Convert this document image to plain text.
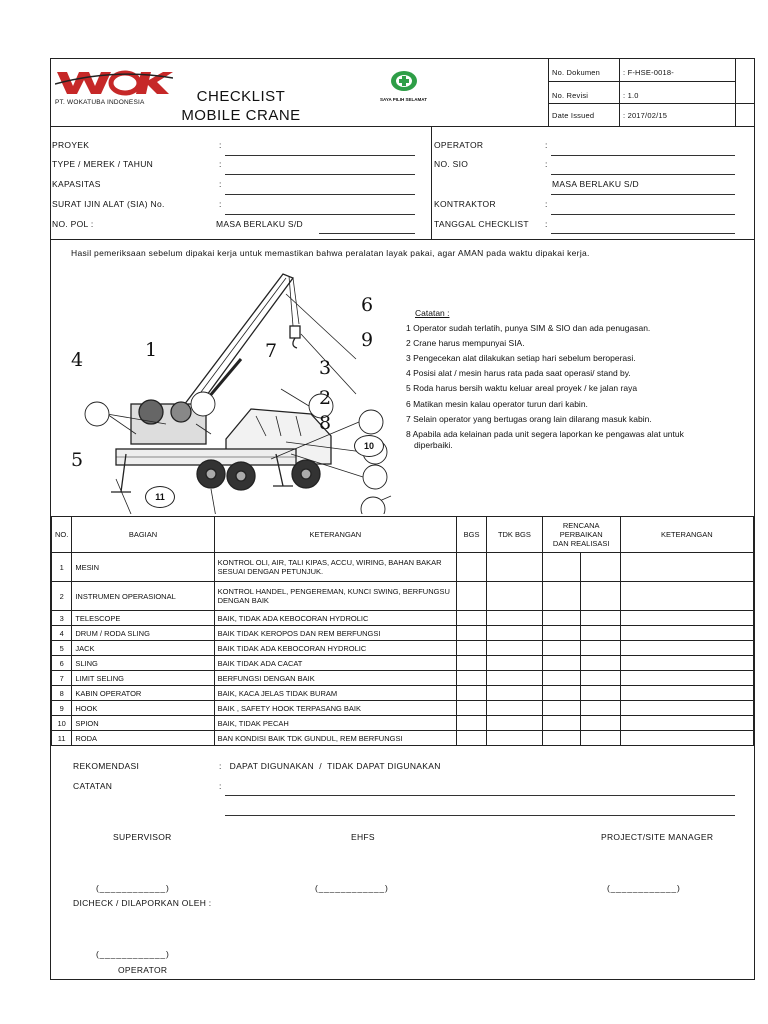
PT. WOKATUBA INDONESIA	CHECKLIST
MOBILE CRANE
SAYA PILIH SELAMAT
No. Dokumen	: F-HSE-0018-
No. Revisi	: 1.0
Date Issued	: 2017/02/15
PROYEK	:
TYPE / MEREK / TAHUN	:
KAPASITAS	:
SURAT IJIN ALAT (SIA) No.	:
NO. POL :	MASA BERLAKU S/D
OPERATOR	:
NO. SIO	:
MASA BERLAKU S/D
KONTRAKTOR	:
TANGGAL CHECKLIST :
Hasil pemeriksaan sebelum dipakai kerja untuk memastikan bahwa peralatan layak pakai, agar AMAN pada waktu dipakai kerja.
4	1	7
6
9
3
2
8
5
10
11
Catatan :
1 Operator sudah terlatih, punya SIM & SIO dan ada penugasan.
2 Crane harus mempunyai SIA.
3 Pengecekan alat dilakukan setiap hari sebelum beroperasi.
4 Posisi alat / mesin harus rata pada saat operasi/ stand by.
5 Roda harus bersih waktu keluar areal proyek / ke jalan raya
6 Matikan mesin kalau operator turun dari kabin.
7 Selain operator yang bertugas orang lain dilarang masuk kabin.
8 Apabila ada kelainan pada unit segera laporkan ke pengawas alat untuk
diperbaiki.
NO.	BAGIAN	KETERANGAN	BGS	TDK BGS	RENCANA PERBAIKAN DAN REALISASI		KETERANGAN
1	MESIN	KONTROL OLI, AIR, TALI KIPAS, ACCU, WIRING, BAHAN BAKAR SESUAI DENGAN PETUNJUK.					
2	INSTRUMEN OPERASIONAL	KONTROL HANDEL, PENGEREMAN, KUNCI SWING, BERFUNGSU DENGAN BAIK					
3	TELESCOPE	BAIK, TIDAK ADA KEBOCORAN HYDROLIC					
4	DRUM / RODA SLING	BAIK TIDAK KEROPOS DAN REM BERFUNGSI					
5	JACK	BAIK TIDAK ADA KEBOCORAN HYDROLIC					
6	SLING	BAIK TIDAK ADA CACAT					
7	LIMIT SELING	BERFUNGSI DENGAN BAIK					
8	KABIN OPERATOR	BAIK, KACA JELAS TIDAK BURAM					
9	HOOK	BAIK , SAFETY HOOK TERPASANG BAIK					
10	SPION	BAIK, TIDAK PECAH					
11	RODA	BAN KONDISI BAIK TDK GUNDUL, REM BERFUNGSI					
REKOMENDASI	:   DAPAT DIGUNAKAN  /  TIDAK DAPAT DIGUNAKAN
CATATAN	:
SUPERVISOR	EHFS	PROJECT/SITE MANAGER
(____________)	(____________)	(____________)
DICHECK / DILAPORKAN OLEH :
(____________)
OPERATOR
